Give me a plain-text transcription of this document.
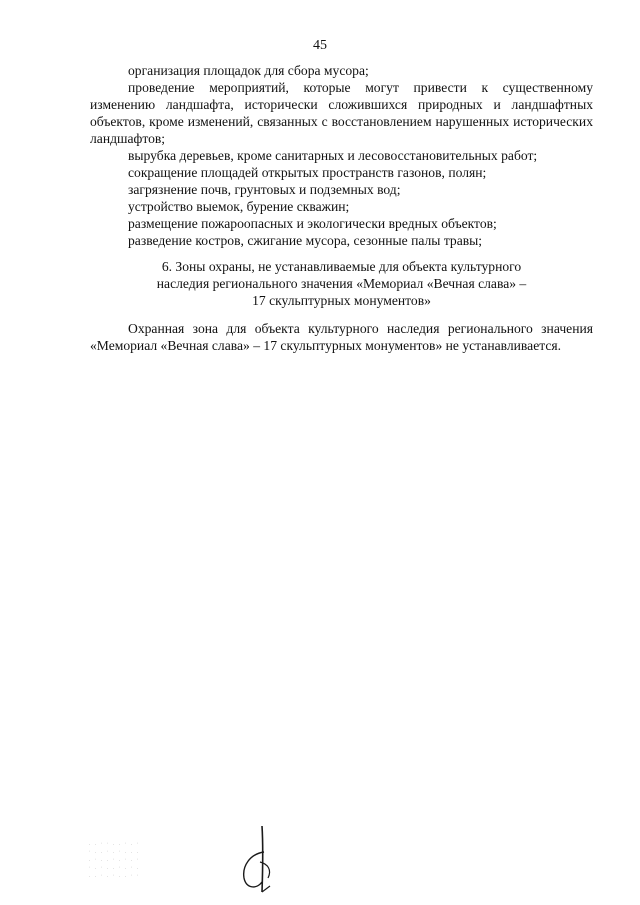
45

организация площадок для сбора мусора;

проведение мероприятий, которые могут привести к существенному изменению ландшафта, исторически сложившихся природных и ландшафтных объектов, кроме изменений, связанных с восстановлением нарушенных исторических ландшафтов;

вырубка деревьев, кроме санитарных и лесовосстановительных работ;

сокращение площадей открытых пространств газонов, полян;

загрязнение почв, грунтовых и подземных вод;

устройство выемок, бурение скважин;

размещение пожароопасных и экологически вредных объектов;

разведение костров, сжигание мусора, сезонные палы травы;

6. Зоны охраны, не устанавливаемые для объекта культурного
наследия регионального значения «Мемориал «Вечная слава» –
17 скульптурных монументов»

Охранная зона для объекта культурного наследия регионального значения «Мемориал «Вечная слава» – 17 скульптурных монументов» не устанавливается.

. . · · . . · . ·
· . . · . · . . .
. · . . · . · . ·
· . · . . · . · .
. . · . · . . · ·
